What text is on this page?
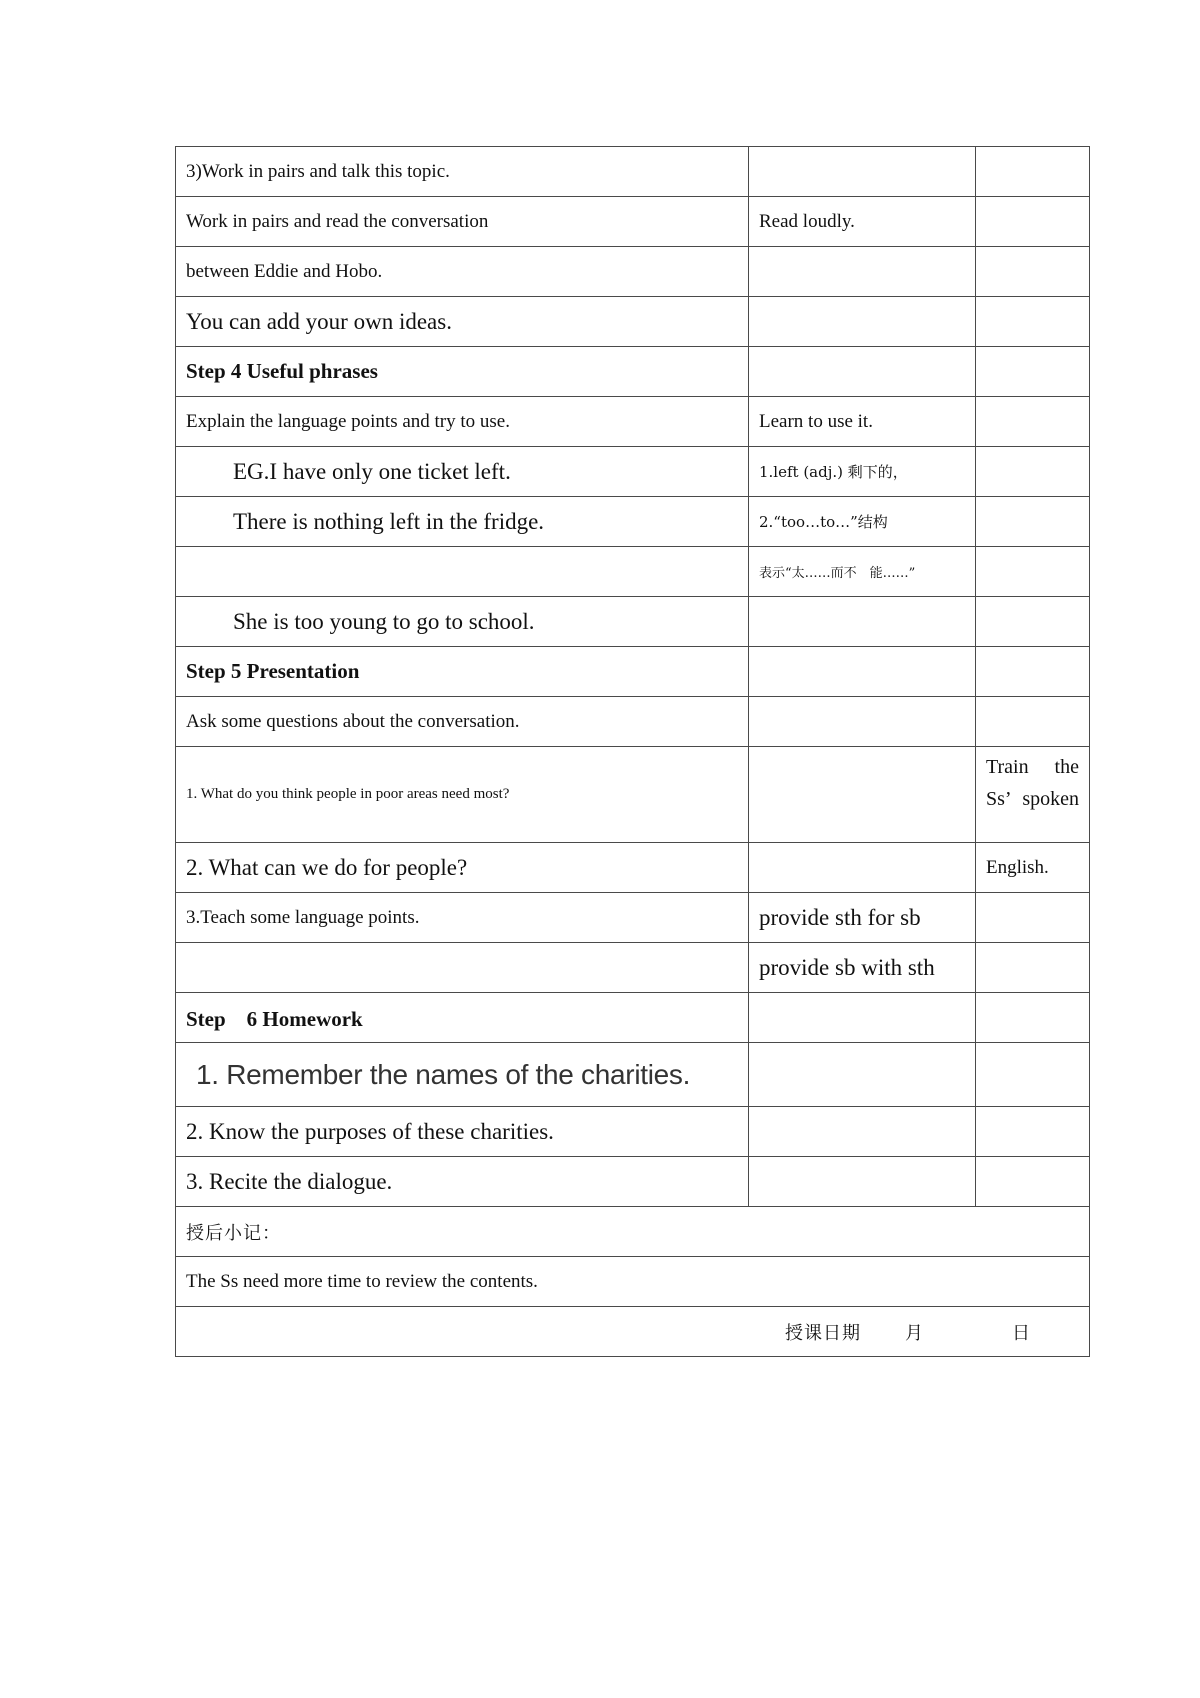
3)Work in pairs and talk this topic.		
Work in pairs and read the conversation	Read loudly.	
between Eddie and Hobo.		
You can add your own ideas.		
Step 4 Useful phrases		
Explain the language points and try to use.	Learn to use it.	
EG.I have only one ticket left.	1.left (adj.) 剩下的，	
There is nothing left in the fridge.	2.“too…to…”结构	
	表示“太……而不　能……”	
She is too young to go to school.		
Step 5 Presentation		
Ask some questions about the conversation.		
1. What do you think people in poor areas need most?		Train the Ss’ spoken
2. What can we do for people?		English.
3.Teach some language points.	provide sth for sb	
	provide sb with sth	
Step　6 Homework		
1. Remember the names of the charities.		
2. Know the purposes of these charities.		
3. Recite the dialogue.		
授后小记：		
The Ss need more time to review the contents.		
授课日期 月 日		
